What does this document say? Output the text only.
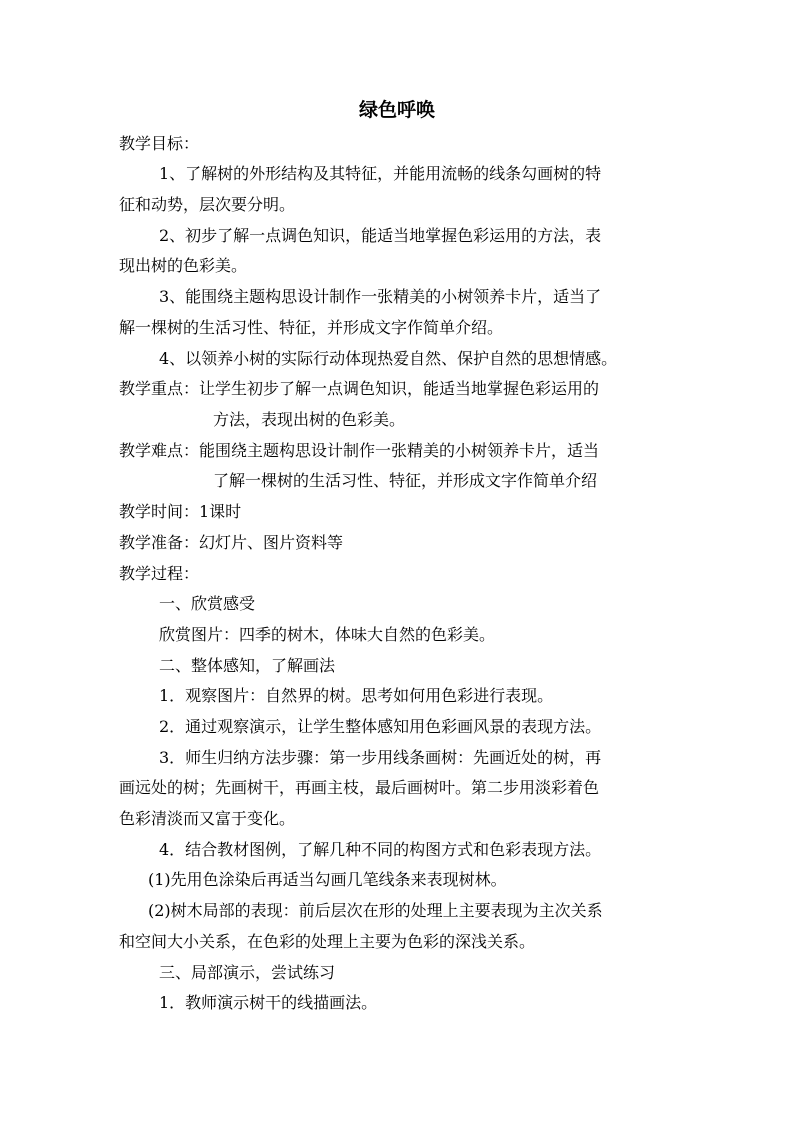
绿色呼唤
教学目标：
1、了解树的外形结构及其特征，并能用流畅的线条勾画树的特
征和动势，层次要分明。
2、初步了解一点调色知识，能适当地掌握色彩运用的方法，表
现出树的色彩美。
3、能围绕主题构思设计制作一张精美的小树领养卡片，适当了
解一棵树的生活习性、特征，并形成文字作简单介绍。
4、以领养小树的实际行动体现热爱自然、保护自然的思想情感。
教学重点：让学生初步了解一点调色知识，能适当地掌握色彩运用的
方法，表现出树的色彩美。
教学难点：能围绕主题构思设计制作一张精美的小树领养卡片，适当
了解一棵树的生活习性、特征，并形成文字作简单介绍
教学时间：1课时
教学准备：幻灯片、图片资料等
教学过程：
一、欣赏感受
欣赏图片：四季的树木，体味大自然的色彩美。
二、整体感知，了解画法
1．观察图片：自然界的树。思考如何用色彩进行表现。
2．通过观察演示，让学生整体感知用色彩画风景的表现方法。
3．师生归纳方法步骤：第一步用线条画树：先画近处的树，再
画远处的树；先画树干，再画主枝，最后画树叶。第二步用淡彩着色
色彩清淡而又富于变化。
4．结合教材图例，了解几种不同的构图方式和色彩表现方法。
(1)先用色涂染后再适当勾画几笔线条来表现树林。
(2)树木局部的表现：前后层次在形的处理上主要表现为主次关系
和空间大小关系，在色彩的处理上主要为色彩的深浅关系。
三、局部演示，尝试练习
1．教师演示树干的线描画法。
